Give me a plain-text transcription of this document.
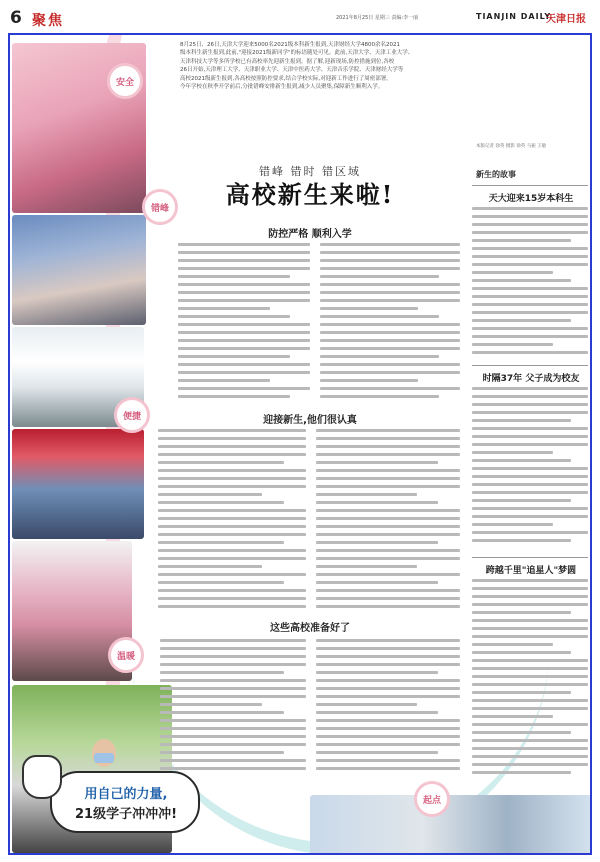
6 聚焦	2021年8月25日 星期三 责编:李一丽	TIANJIN DAILY
天津日报
用自己的力量,
21级学子冲冲冲!
安全
错峰
便捷
温暖
起点
8月25日、26日,天津大学迎来5000名2021级本科新生报到,天津财经大学4800余名2021
级本科生新生报到,此前,"迎接2021级新同学"的标语随处可见。此前,天津大学、天津工业大学、
天津科技大学等多所学校已有高校率先迎新生报到。据了解,迎新现场,防控措施到位,各校
26日开始,天津理工大学、天津职业大学、天津中医药大学、天津音乐学院、天津财经大学等
高校2021级新生报到,各高校按照防控要求,结合学校实际,对迎新工作进行了周密部署。
今年学校在秋季开学前后,分批错峰安排新生报到,减少人员聚集,保障新生顺利入学。
错峰 错时 错区域
高校新生来啦!
防控严格 顺利入学
迎接新生,他们很认真
这些高校准备好了
本版记者 徐英 摄影 徐英 马振 王敏
新生的故事
天大迎来15岁本科生
时隔37年 父子成为校友
跨越千里"追星人"梦圆
